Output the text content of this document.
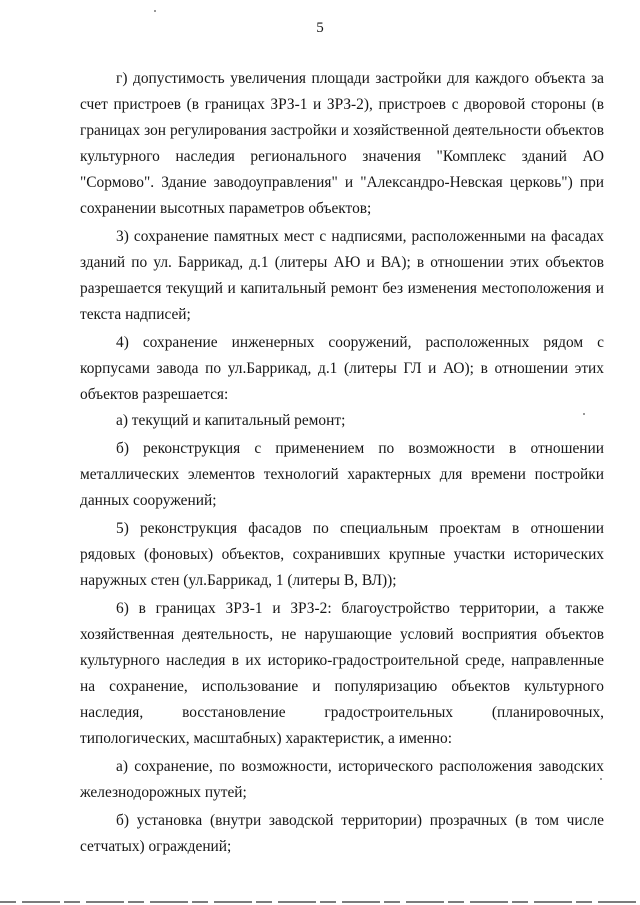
5

г) допустимость увеличения площади застройки для каждого объекта за счет пристроев (в границах ЗРЗ-1 и ЗРЗ-2), пристроев с дворовой стороны (в границах зон регулирования застройки и хозяйственной деятельности объектов культурного наследия регионального значения "Комплекс зданий АО "Сормово". Здание заводоуправления" и "Александро-Невская церковь") при сохранении высотных параметров объектов;

3) сохранение памятных мест с надписями, расположенными на фасадах зданий по ул. Баррикад, д.1 (литеры АЮ и ВА); в отношении этих объектов разрешается текущий и капитальный ремонт без изменения местоположения и текста надписей;

4) сохранение инженерных сооружений, расположенных рядом с корпусами завода по ул.Баррикад, д.1 (литеры ГЛ и АО); в отношении этих объектов разрешается:

а) текущий и капитальный ремонт;

б) реконструкция с применением по возможности в отношении металлических элементов технологий характерных для времени постройки данных сооружений;

5) реконструкция фасадов по специальным проектам в отношении рядовых (фоновых) объектов, сохранивших крупные участки исторических наружных стен (ул.Баррикад, 1 (литеры В, ВЛ));

6) в границах ЗРЗ-1 и ЗРЗ-2: благоустройство территории, а также хозяйственная деятельность, не нарушающие условий восприятия объектов культурного наследия в их историко-градостроительной среде, направленные на сохранение, использование и популяризацию объектов культурного наследия, восстановление градостроительных (планировочных, типологических, масштабных) характеристик, а именно:

а) сохранение, по возможности, исторического расположения заводских железнодорожных путей;

б) установка (внутри заводской территории) прозрачных (в том числе сетчатых) ограждений;
